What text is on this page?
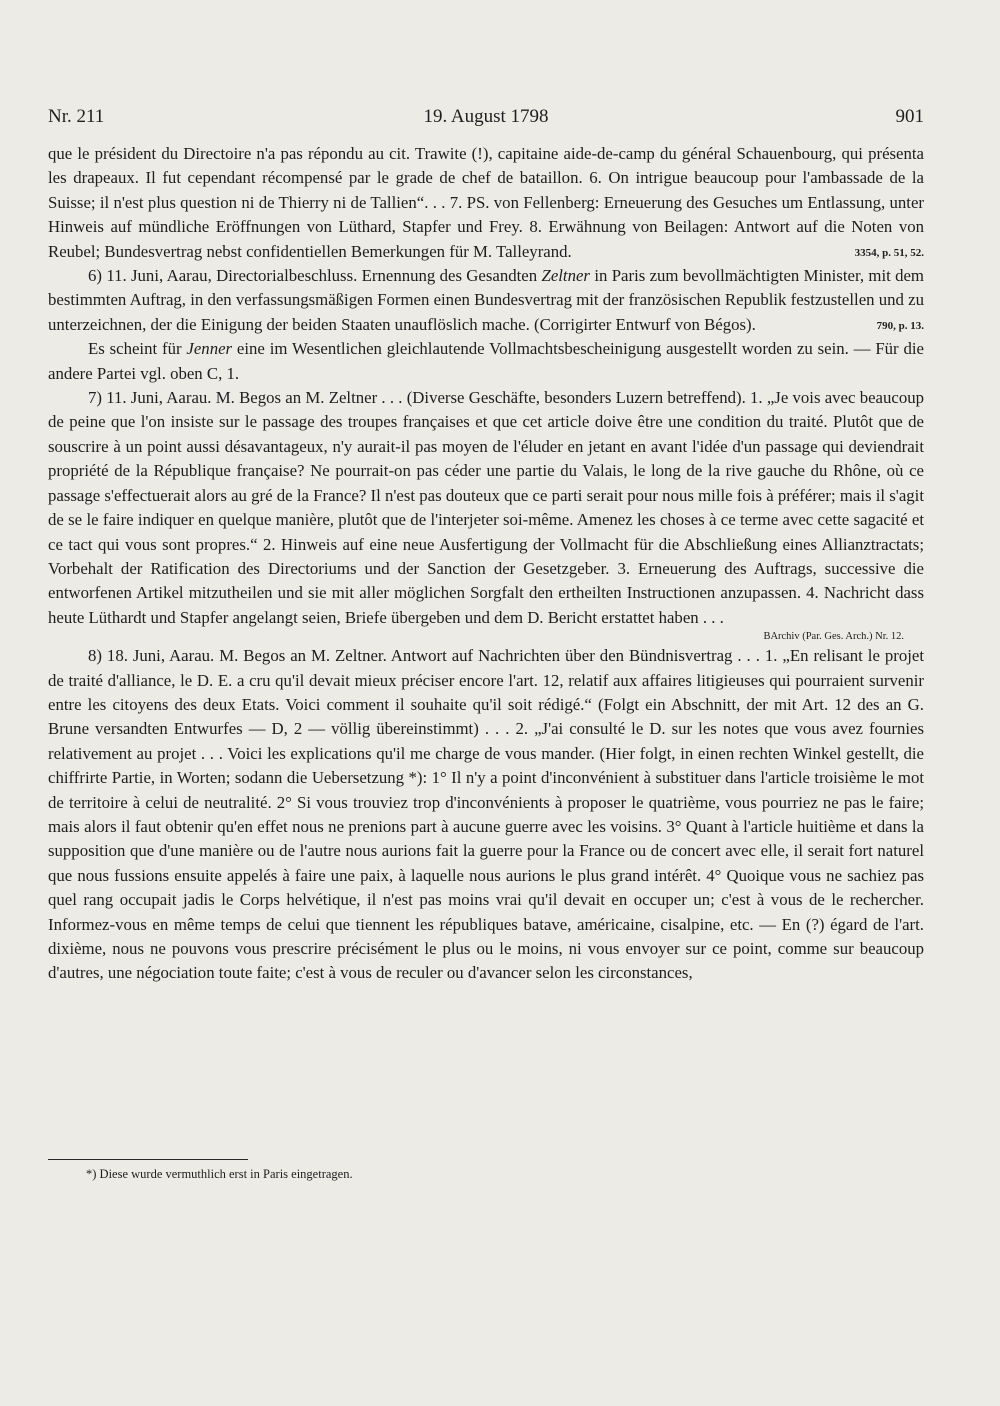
Nr. 211	19. August 1798	901

que le président du Directoire n'a pas répondu au cit. Trawite (!), capitaine aide-de-camp du général Schauenbourg, qui présenta les drapeaux. Il fut cependant récompensé par le grade de chef de bataillon. 6. On intrigue beaucoup pour l'ambassade de la Suisse; il n'est plus question ni de Thierry ni de Tallien“. . . 7. PS. von Fellenberg: Erneuerung des Gesuches um Entlassung, unter Hinweis auf mündliche Eröffnungen von Lüthard, Stapfer und Frey. 8. Erwähnung von Beilagen: Antwort auf die Noten von Reubel; Bundesvertrag nebst confidentiellen Bemerkungen für M. Talleyrand.	3354, p. 51, 52.

6) 11. Juni, Aarau, Directorialbeschluss. Ernennung des Gesandten Zeltner in Paris zum bevollmächtigten Minister, mit dem bestimmten Auftrag, in den verfassungsmäßigen Formen einen Bundesvertrag mit der französischen Republik festzustellen und zu unterzeichnen, der die Einigung der beiden Staaten unauflöslich mache. (Corrigirter Entwurf von Bégos).	790, p. 13.

Es scheint für Jenner eine im Wesentlichen gleichlautende Vollmachtsbescheinigung ausgestellt worden zu sein. — Für die andere Partei vgl. oben C, 1.

7) 11. Juni, Aarau. M. Begos an M. Zeltner . . . (Diverse Geschäfte, besonders Luzern betreffend). 1. „Je vois avec beaucoup de peine que l'on insiste sur le passage des troupes françaises et que cet article doive être une condition du traité. Plutôt que de souscrire à un point aussi désavantageux, n'y aurait-il pas moyen de l'éluder en jetant en avant l'idée d'un passage qui deviendrait propriété de la République française? Ne pourrait-on pas céder une partie du Valais, le long de la rive gauche du Rhône, où ce passage s'effectuerait alors au gré de la France? Il n'est pas douteux que ce parti serait pour nous mille fois à préférer; mais il s'agit de se le faire indiquer en quelque manière, plutôt que de l'interjeter soi-même. Amenez les choses à ce terme avec cette sagacité et ce tact qui vous sont propres.“ 2. Hinweis auf eine neue Ausfertigung der Vollmacht für die Abschließung eines Allianztractats; Vorbehalt der Ratification des Directoriums und der Sanction der Gesetzgeber. 3. Erneuerung des Auftrags, successive die entworfenen Artikel mitzutheilen und sie mit aller möglichen Sorgfalt den ertheilten Instructionen anzupassen. 4. Nachricht dass heute Lüthardt und Stapfer angelangt seien, Briefe übergeben und dem D. Bericht erstattet haben . . .

BArchiv (Par. Ges. Arch.) Nr. 12.

8) 18. Juni, Aarau. M. Begos an M. Zeltner. Antwort auf Nachrichten über den Bündnisvertrag . . . 1. „En relisant le projet de traité d'alliance, le D. E. a cru qu'il devait mieux préciser encore l'art. 12, relatif aux affaires litigieuses qui pourraient survenir entre les citoyens des deux Etats. Voici comment il souhaite qu'il soit rédigé.“ (Folgt ein Abschnitt, der mit Art. 12 des an G. Brune versandten Entwurfes — D, 2 — völlig übereinstimmt) . . . 2. „J'ai consulté le D. sur les notes que vous avez fournies relativement au projet . . . Voici les explications qu'il me charge de vous mander. (Hier folgt, in einen rechten Winkel gestellt, die chiffrirte Partie, in Worten; sodann die Uebersetzung *): 1° Il n'y a point d'inconvénient à substituer dans l'article troisième le mot de territoire à celui de neutralité. 2° Si vous trouviez trop d'inconvénients à proposer le quatrième, vous pourriez ne pas le faire; mais alors il faut obtenir qu'en effet nous ne prenions part à aucune guerre avec les voisins. 3° Quant à l'article huitième et dans la supposition que d'une manière ou de l'autre nous aurions fait la guerre pour la France ou de concert avec elle, il serait fort naturel que nous fussions ensuite appelés à faire une paix, à laquelle nous aurions le plus grand intérêt. 4° Quoique vous ne sachiez pas quel rang occupait jadis le Corps helvétique, il n'est pas moins vrai qu'il devait en occuper un; c'est à vous de le rechercher. Informez-vous en même temps de celui que tiennent les républiques batave, américaine, cisalpine, etc. — En (?) égard de l'art. dixième, nous ne pouvons vous prescrire précisément le plus ou le moins, ni vous envoyer sur ce point, comme sur beaucoup d'autres, une négociation toute faite; c'est à vous de reculer ou d'avancer selon les circonstances,

*) Diese wurde vermuthlich erst in Paris eingetragen.
